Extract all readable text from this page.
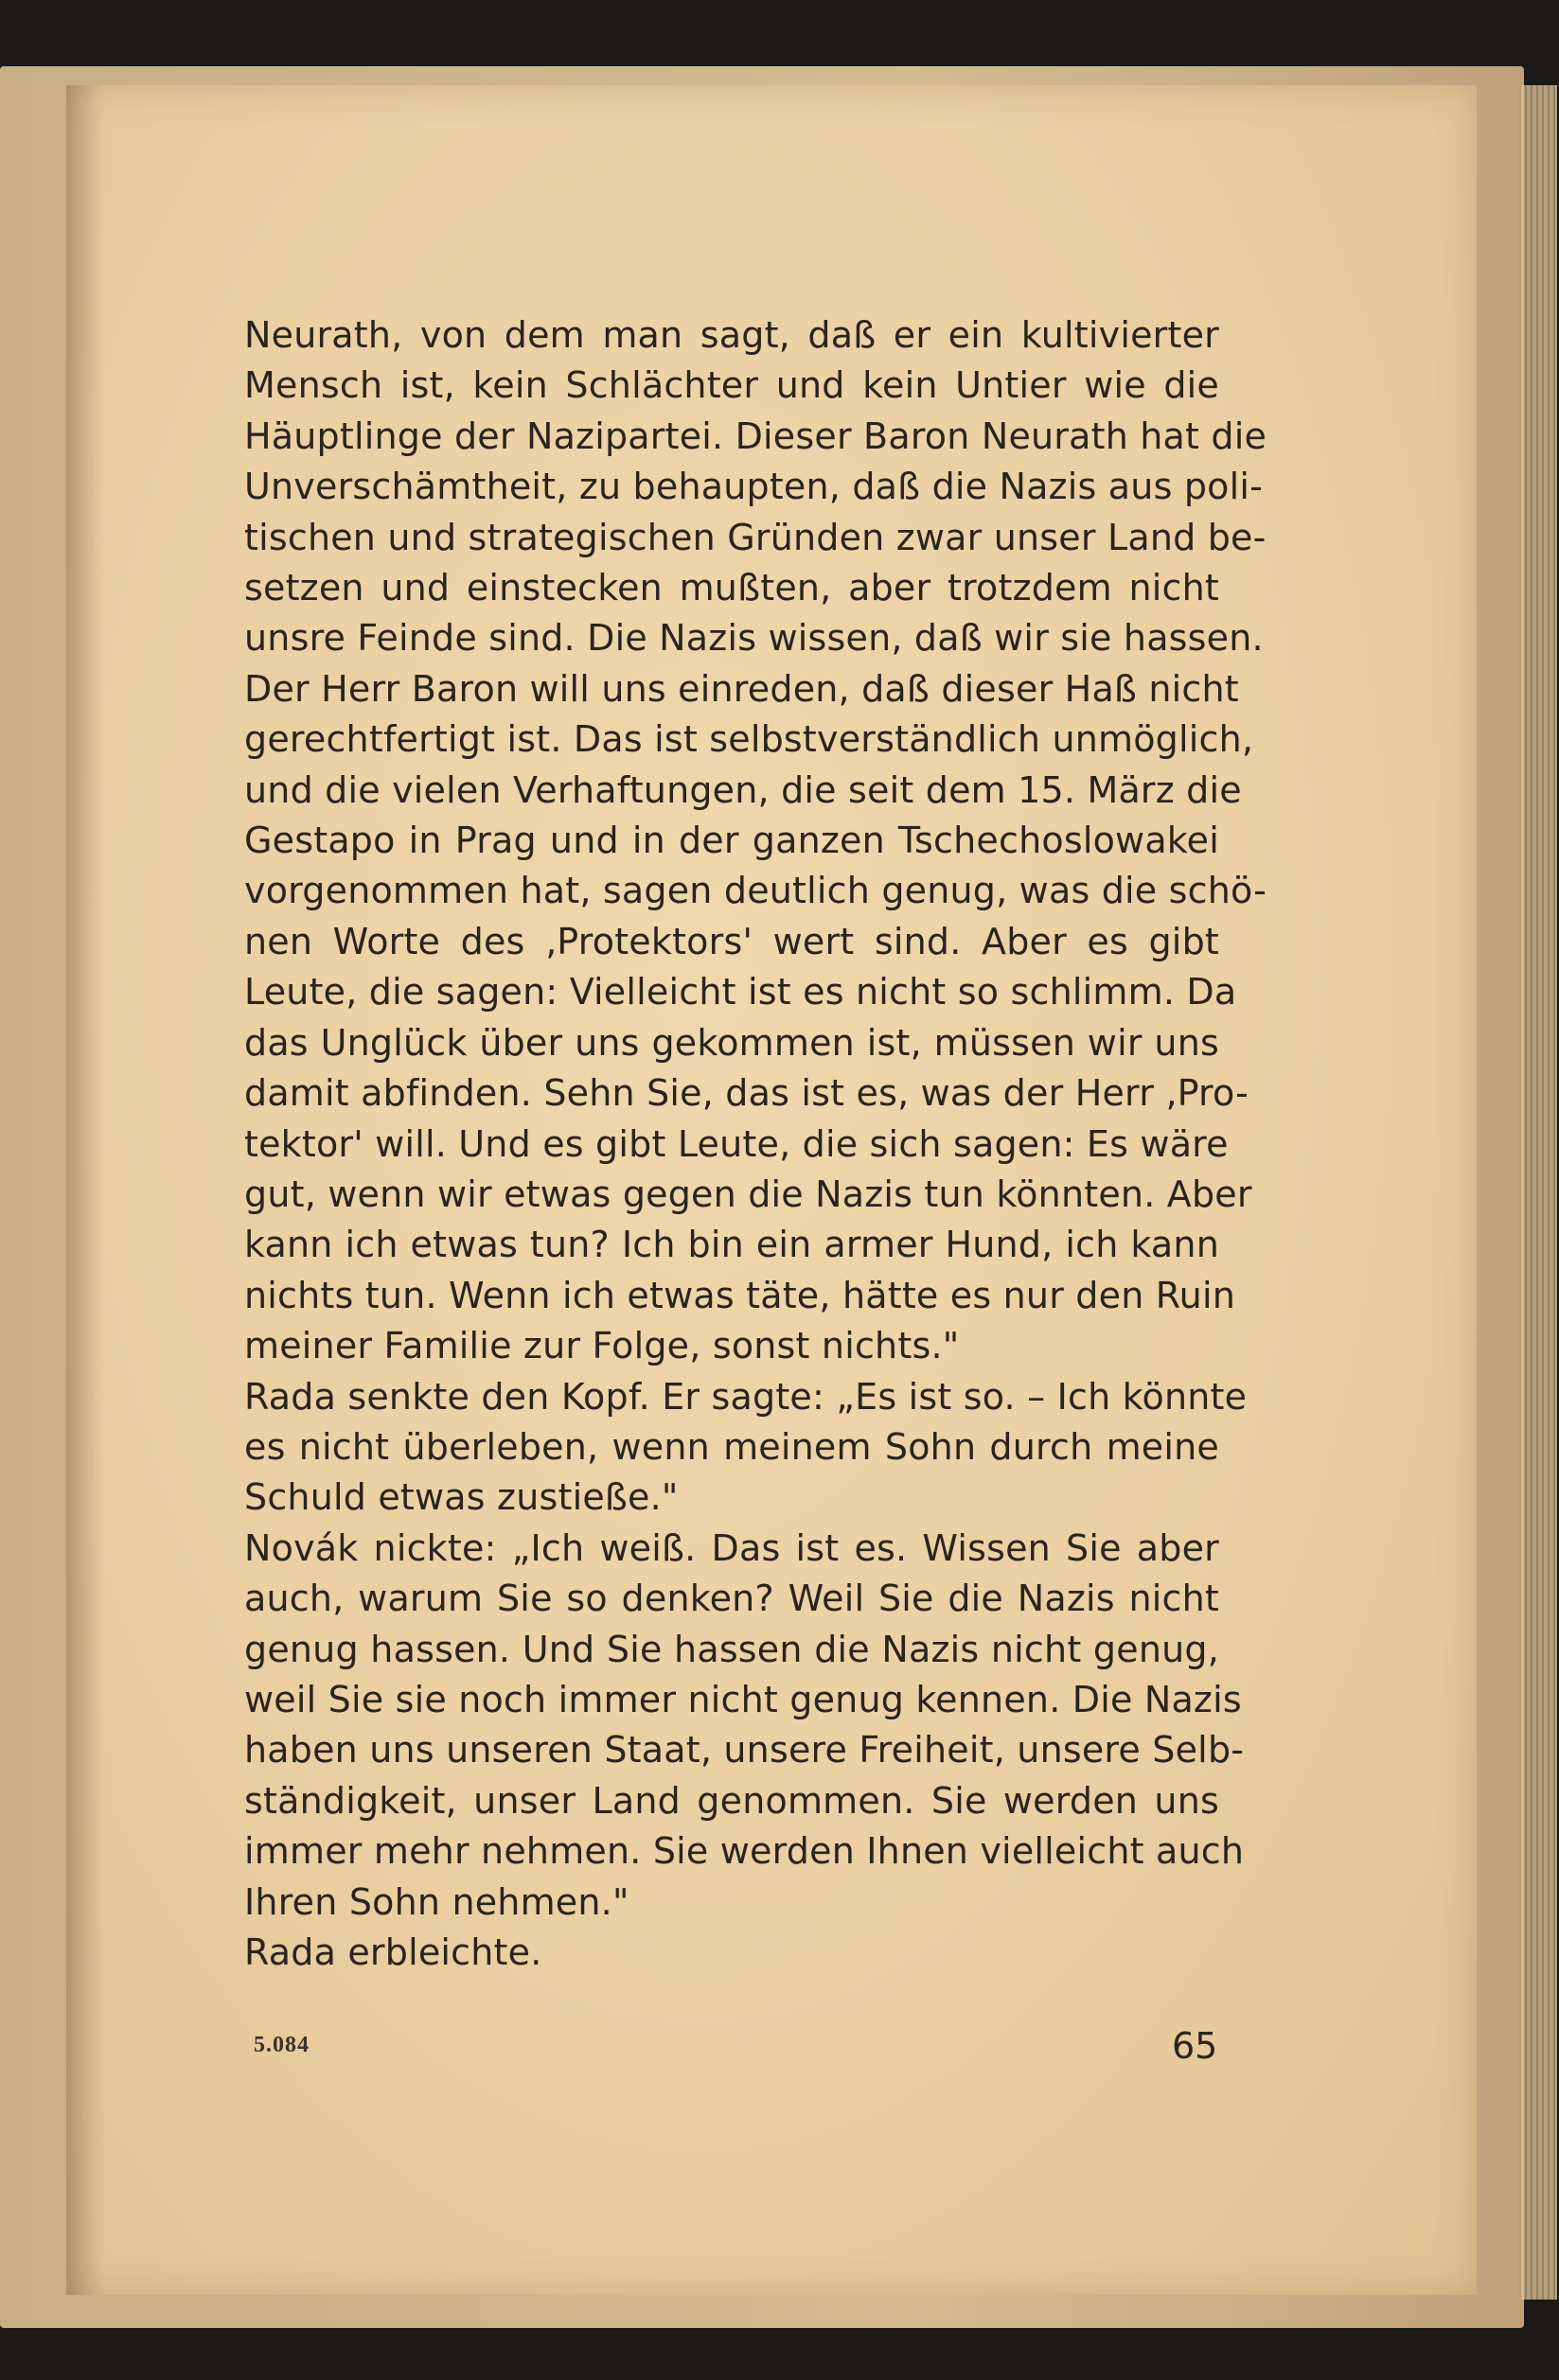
Neurath, von dem man sagt, daß er ein kultivierter
Mensch ist, kein Schlächter und kein Untier wie die
Häuptlinge der Nazipartei. Dieser Baron Neurath hat die
Unverschämtheit, zu behaupten, daß die Nazis aus poli-
tischen und strategischen Gründen zwar unser Land be-
setzen und einstecken mußten, aber trotzdem nicht
unsre Feinde sind. Die Nazis wissen, daß wir sie hassen.
Der Herr Baron will uns einreden, daß dieser Haß nicht
gerechtfertigt ist. Das ist selbstverständlich unmöglich,
und die vielen Verhaftungen, die seit dem 15. März die
Gestapo in Prag und in der ganzen Tschechoslowakei
vorgenommen hat, sagen deutlich genug, was die schö-
nen Worte des ‚Protektors' wert sind. Aber es gibt
Leute, die sagen: Vielleicht ist es nicht so schlimm. Da
das Unglück über uns gekommen ist, müssen wir uns
damit abfinden. Sehn Sie, das ist es, was der Herr ‚Pro-
tektor' will. Und es gibt Leute, die sich sagen: Es wäre
gut, wenn wir etwas gegen die Nazis tun könnten. Aber
kann ich etwas tun? Ich bin ein armer Hund, ich kann
nichts tun. Wenn ich etwas täte, hätte es nur den Ruin
meiner Familie zur Folge, sonst nichts."
Rada senkte den Kopf. Er sagte: „Es ist so. – Ich könnte
es nicht überleben, wenn meinem Sohn durch meine
Schuld etwas zustieße."
Novák nickte: „Ich weiß. Das ist es. Wissen Sie aber
auch, warum Sie so denken? Weil Sie die Nazis nicht
genug hassen. Und Sie hassen die Nazis nicht genug,
weil Sie sie noch immer nicht genug kennen. Die Nazis
haben uns unseren Staat, unsere Freiheit, unsere Selb-
ständigkeit, unser Land genommen. Sie werden uns
immer mehr nehmen. Sie werden Ihnen vielleicht auch
Ihren Sohn nehmen."
Rada erbleichte.
5.084	65
